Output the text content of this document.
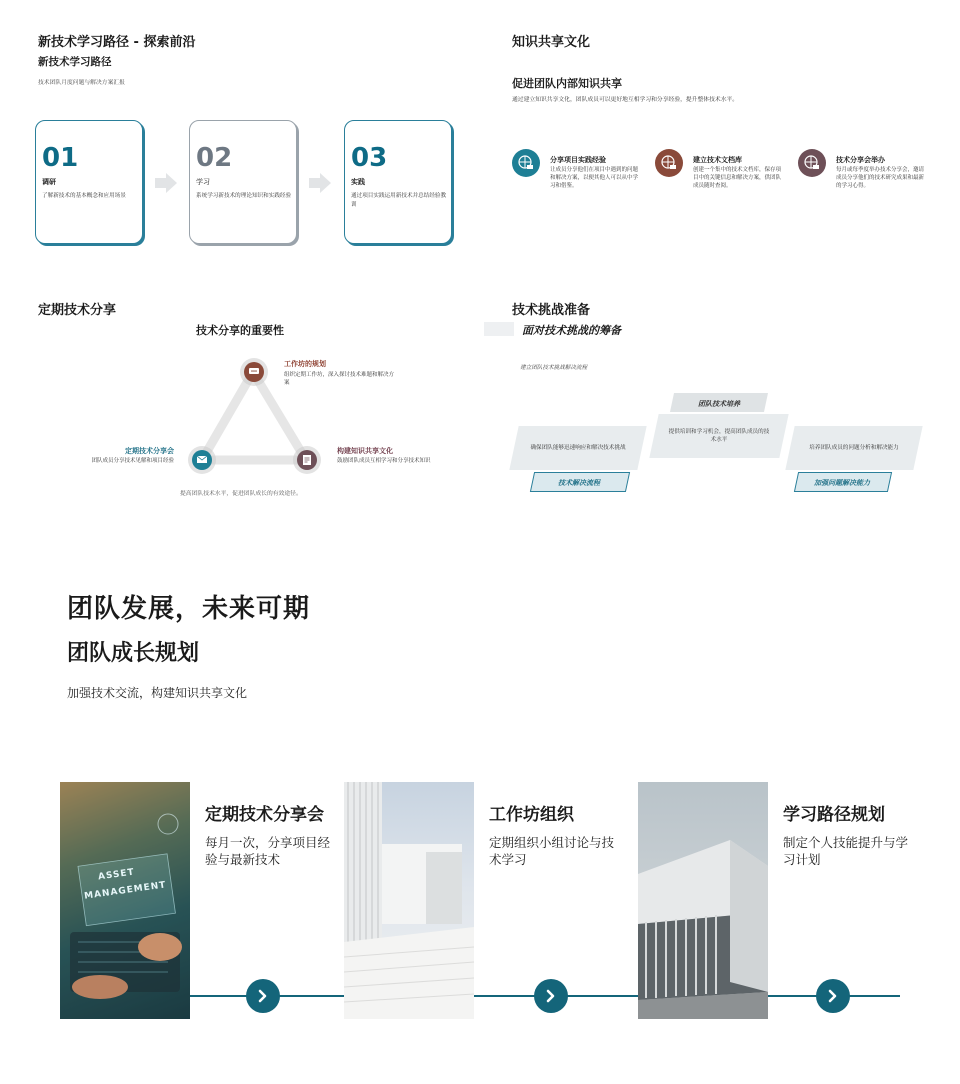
新技术学习路径 - 探索前沿
新技术学习路径
技术团队月度问题与解决方案汇报
01
调研
了解新技术的基本概念和应用场景
02
学习
系统学习新技术的理论知识和实践经验
03
实践
通过项目实践运用新技术并总结经验教训
知识共享文化
促进团队内部知识共享
通过建立知识共享文化，团队成员可以更好地互相学习和分享经验，提升整体技术水平。
分享项目实践经验
让成员分享他们在项目中遇到的问题和解决方案，以便其他人可以从中学习和借鉴。
建立技术文档库
创建一个集中的技术文档库，保存项目中的关键信息和解决方案，供团队成员随时查阅。
技术分享会举办
每月或每季度举办技术分享会，邀请成员分享他们的技术研究成果和最新的学习心得。
定期技术分享
技术分享的重要性
工作坊的规划
组织定期工作坊，深入探讨技术难题和解决方案
定期技术分享会
团队成员分享技术见解和项目经验
构建知识共享文化
鼓励团队成员互相学习和分享技术知识
提高团队技术水平，促进团队成长的有效途径。
技术挑战准备
面对技术挑战的筹备
建立团队技术挑战解决流程
团队技术培养
提供培训和学习机会，提高团队成员的技术水平
确保团队能够迅速响应和解决技术挑战
技术解决流程
培养团队成员的问题分析和解决能力
加强问题解决能力
团队发展，未来可期
团队成长规划
加强技术交流，构建知识共享文化
ASSET
MANAGEMENT
定期技术分享会
每月一次，分享项目经验与最新技术
工作坊组织
定期组织小组讨论与技术学习
学习路径规划
制定个人技能提升与学习计划
